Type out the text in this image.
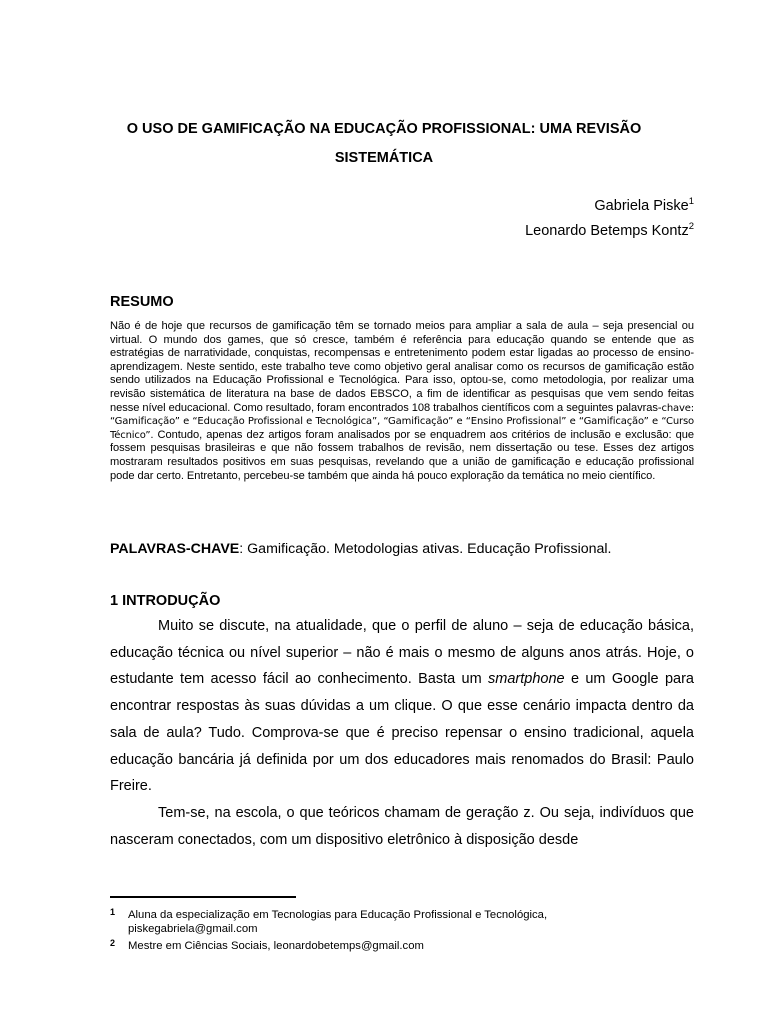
O USO DE GAMIFICAÇÃO NA EDUCAÇÃO PROFISSIONAL: UMA REVISÃO SISTEMÁTICA
Gabriela Piske$^1$
Leonardo Betemps Kontz$^2$
RESUMO

Não é de hoje que recursos de gamificação têm se tornado meios para ampliar a sala de aula – seja presencial ou virtual. O mundo dos games, que só cresce, também é referência para educação quando se entende que as estratégias de narratividade, conquistas, recompensas e entretenimento podem estar ligadas ao processo de ensino-aprendizagem. Neste sentido, este trabalho teve como objetivo geral analisar como os recursos de gamificação estão sendo utilizados na Educação Profissional e Tecnológica. Para isso, optou-se, como metodologia, por realizar uma revisão sistemática de literatura na base de dados EBSCO, a fim de identificar as pesquisas que vem sendo feitas nesse nível educacional. Como resultado, foram encontrados 108 trabalhos científicos com a seguintes palavras-chave: “Gamificação” e “Educação Profissional e Tecnológica”, “Gamificação” e “Ensino Profissional” e “Gamificação” e “Curso Técnico”. Contudo, apenas dez artigos foram analisados por se enquadrem aos critérios de inclusão e exclusão: que fossem pesquisas brasileiras e que não fossem trabalhos de revisão, nem dissertação ou tese. Esses dez artigos mostraram resultados positivos em suas pesquisas, revelando que a união de gamificação e educação profissional pode dar certo. Entretanto, percebeu-se também que ainda há pouco exploração da temática no meio científico.

PALAVRAS-CHAVE: Gamificação. Metodologias ativas. Educação Profissional.

1 INTRODUÇÃO

Muito se discute, na atualidade, que o perfil de aluno – seja de educação básica, educação técnica ou nível superior – não é mais o mesmo de alguns anos atrás. Hoje, o estudante tem acesso fácil ao conhecimento. Basta um smartphone e um Google para encontrar respostas às suas dúvidas a um clique. O que esse cenário impacta dentro da sala de aula? Tudo. Comprova-se que é preciso repensar o ensino tradicional, aquela educação bancária já definida por um dos educadores mais renomados do Brasil: Paulo Freire.

Tem-se, na escola, o que teóricos chamam de geração z. Ou seja, indivíduos que nasceram conectados, com um dispositivo eletrônico à disposição desde

1 Aluna da especialização em Tecnologias para Educação Profissional e Tecnológica,
piskegabriela@gmail.com
2 Mestre em Ciências Sociais, leonardobetemps@gmail.com
